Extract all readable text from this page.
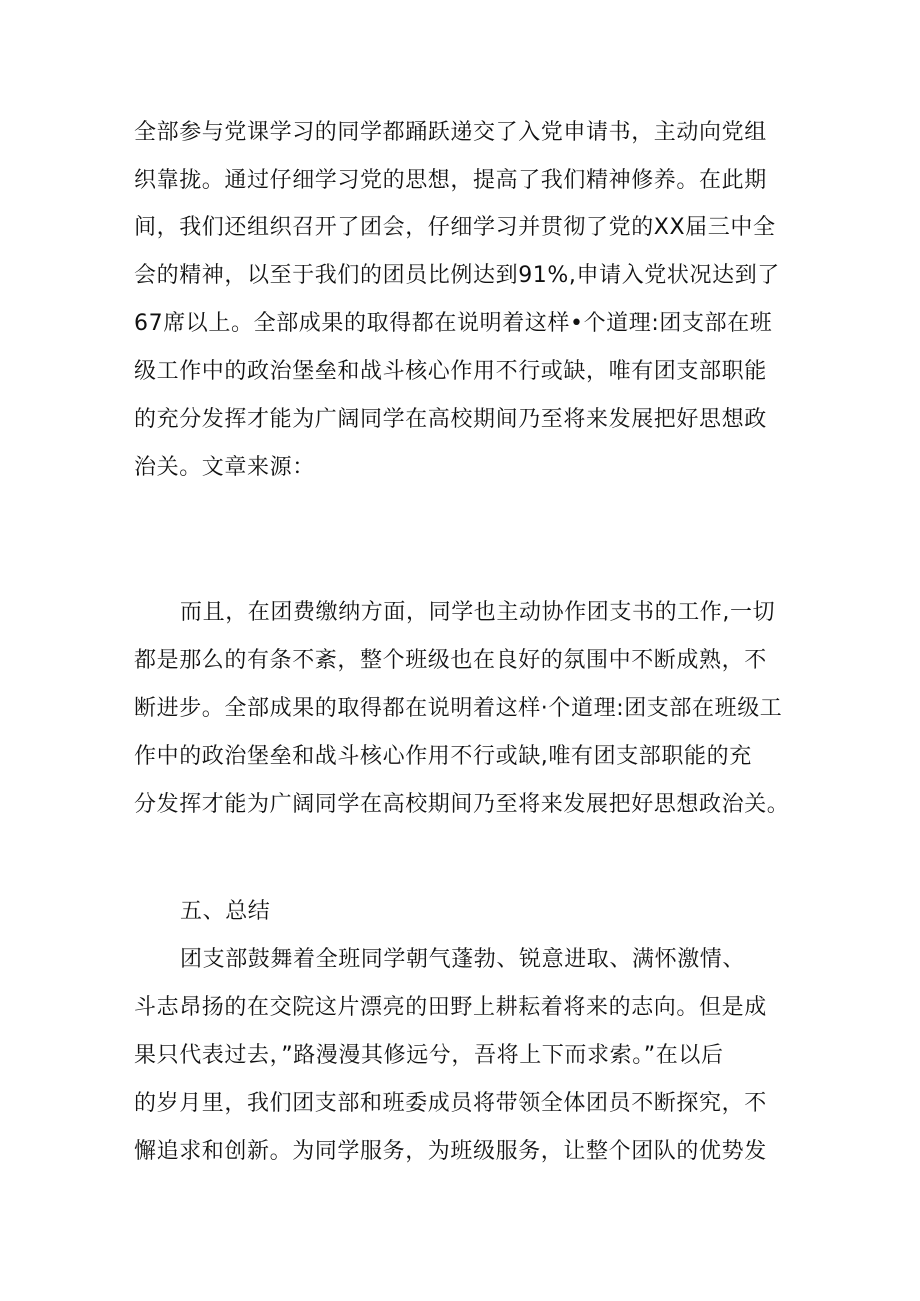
全部参与党课学习的同学都踊跃递交了入党申请书，主动向党组
织靠拢。通过仔细学习党的思想，提高了我们精神修养。在此期
间，我们还组织召开了团会，仔细学习并贯彻了党的XX届三中全
会的精神，以至于我们的团员比例达到91%,申请入党状况达到了
67席以上。全部成果的取得都在说明着这样•个道理:团支部在班
级工作中的政治堡垒和战斗核心作用不行或缺，唯有团支部职能
的充分发挥才能为广阔同学在高校期间乃至将来发展把好思想政
治关。文章来源：
而且，在团费缴纳方面，同学也主动协作团支书的工作,一切
都是那么的有条不紊，整个班级也在良好的氛围中不断成熟，不
断进步。全部成果的取得都在说明着这样·个道理:团支部在班级工
作中的政治堡垒和战斗核心作用不行或缺,唯有团支部职能的充
分发挥才能为广阔同学在高校期间乃至将来发展把好思想政治关。
五、总结
团支部鼓舞着全班同学朝气蓬勃、锐意进取、满怀激情、
斗志昂扬的在交院这片漂亮的田野上耕耘着将来的志向。但是成
果只代表过去，”路漫漫其修远兮，吾将上下而求索。”在以后
的岁月里，我们团支部和班委成员将带领全体团员不断探究，不
懈追求和创新。为同学服务，为班级服务，让整个团队的优势发
